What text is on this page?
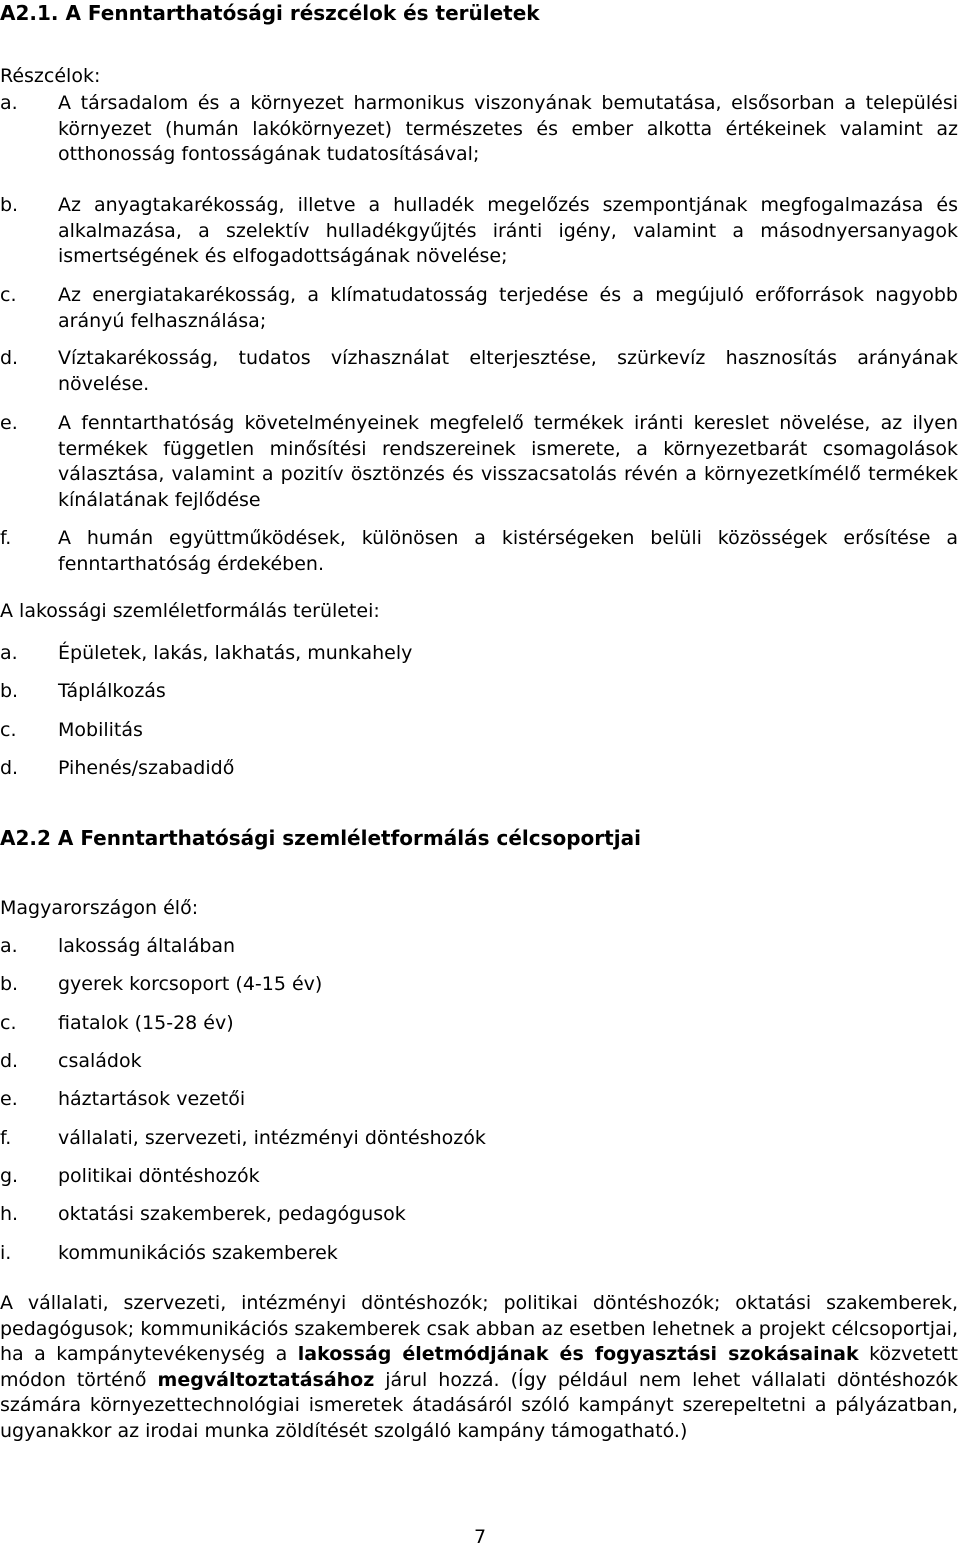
A2.1. A Fenntarthatósági részcélok és területek

Részcélok:

a.	A társadalom és a környezet harmonikus viszonyának bemutatása, elsősorban a települési környezet (humán lakókörnyezet) természetes és ember alkotta értékeinek valamint az otthonosság fontosságának tudatosításával;
b.	Az anyagtakarékosság, illetve a hulladék megelőzés szempontjának megfogalmazása és alkalmazása, a szelektív hulladékgyűjtés iránti igény, valamint a másodnyersanyagok ismertségének és elfogadottságának növelése;
c.	Az energiatakarékosság, a klímatudatosság terjedése és a megújuló erőforrások nagyobb arányú felhasználása;
d.	Víztakarékosság, tudatos vízhasználat elterjesztése, szürkevíz hasznosítás arányának növelése.
e.	A fenntarthatóság követelményeinek megfelelő termékek iránti kereslet növelése, az ilyen termékek független minősítési rendszereinek ismerete, a környezetbarát csomagolások választása, valamint a pozitív ösztönzés és visszacsatolás révén a környezetkímélő termékek kínálatának fejlődése
f.	A humán együttműködések, különösen a kistérségeken belüli közösségek erősítése a fenntarthatóság érdekében.

A lakossági szemléletformálás területei:

a.	Épületek, lakás, lakhatás, munkahely
b.	Táplálkozás
c.	Mobilitás
d.	Pihenés/szabadidő
A2.2 A Fenntarthatósági szemléletformálás célcsoportjai

Magyarországon élő:

a.	lakosság általában
b.	gyerek korcsoport (4-15 év)
c.	fiatalok (15-28 év)
d.	családok
e.	háztartások vezetői
f.	vállalati, szervezeti, intézményi döntéshozók
g.	politikai döntéshozók
h.	oktatási szakemberek, pedagógusok
i.	kommunikációs szakemberek

A vállalati, szervezeti, intézményi döntéshozók; politikai döntéshozók; oktatási szakemberek, pedagógusok; kommunikációs szakemberek csak abban az esetben lehetnek a projekt célcsoportjai, ha a kampánytevékenység a lakosság életmódjának és fogyasztási szokásainak közvetett módon történő megváltoztatásához járul hozzá. (Így például nem lehet vállalati döntéshozók számára környezettechnológiai ismeretek átadásáról szóló kampányt szerepeltetni a pályázatban, ugyanakkor az irodai munka zöldítését szolgáló kampány támogatható.)

7
